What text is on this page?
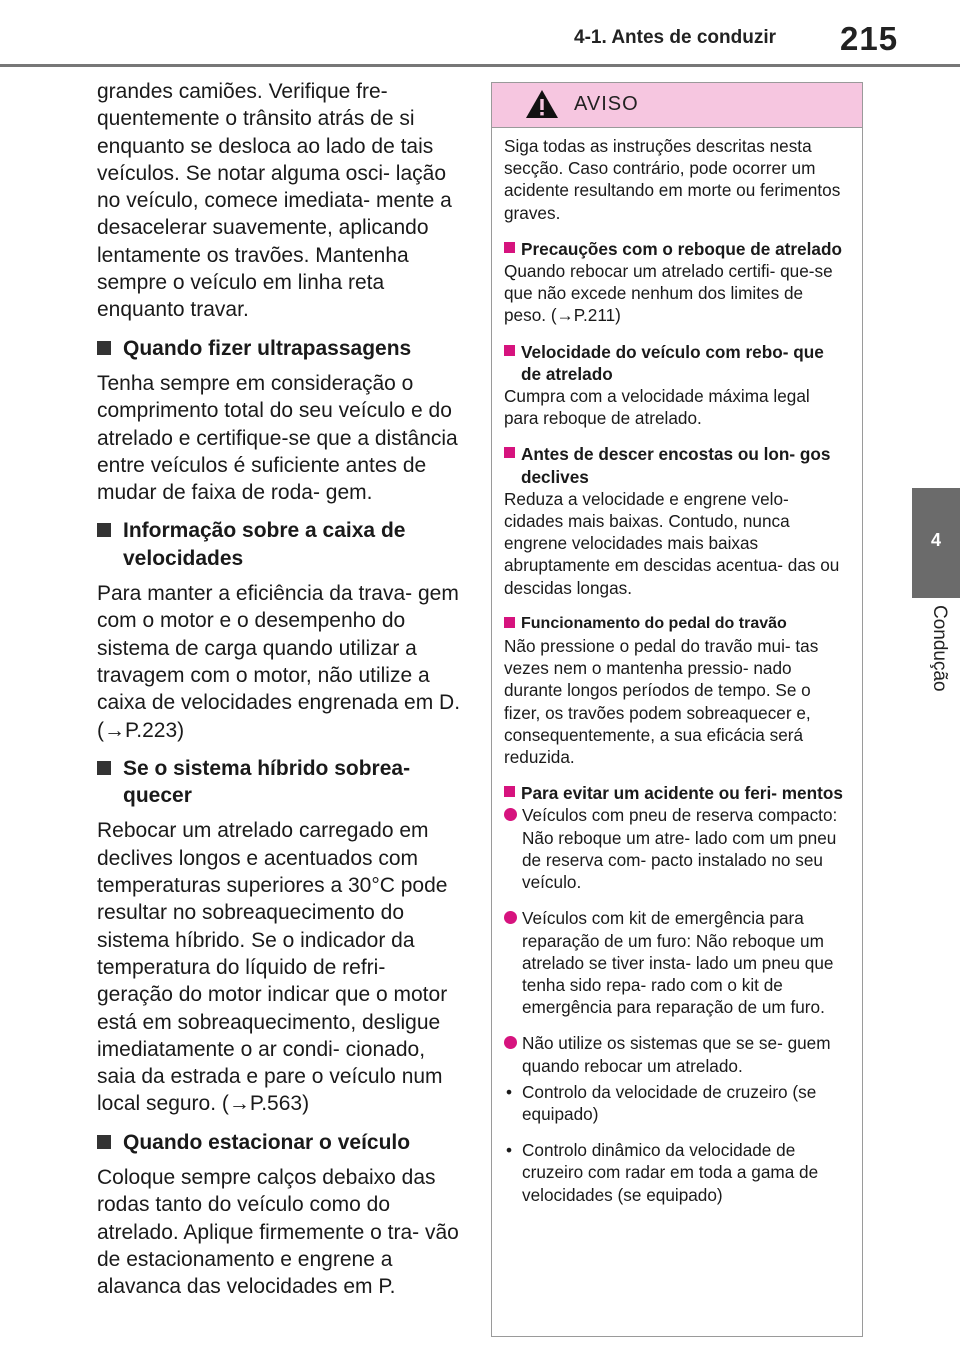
4-1. Antes de conduzir 215
4
Condução

grandes camiões. Verifique fre- quentemente o trânsito atrás de si enquanto se desloca ao lado de tais veículos. Se notar alguma osci- lação no veículo, comece imediata- mente a desacelerar suavemente, aplicando lentamente os travões. Mantenha sempre o veículo em linha reta enquanto travar.

Quando fizer ultrapassagens

Tenha sempre em consideração o comprimento total do seu veículo e do atrelado e certifique-se que a distância entre veículos é suficiente antes de mudar de faixa de roda- gem.

Informação sobre a caixa de velocidades

Para manter a eficiência da trava- gem com o motor e o desempenho do sistema de carga quando utilizar a travagem com o motor, não utilize a caixa de velocidades engrenada em D. (→P.223)

Se o sistema híbrido sobrea- quecer

Rebocar um atrelado carregado em declives longos e acentuados com temperaturas superiores a 30°C pode resultar no sobreaquecimento do sistema híbrido. Se o indicador da temperatura do líquido de refri- geração do motor indicar que o motor está em sobreaquecimento, desligue imediatamente o ar condi- cionado, saia da estrada e pare o veículo num local seguro. (→P.563)

Quando estacionar o veículo

Coloque sempre calços debaixo das rodas tanto do veículo como do atrelado. Aplique firmemente o tra- vão de estacionamento e engrene a alavanca das velocidades em P.

AVISO

Siga todas as instruções descritas nesta secção. Caso contrário, pode ocorrer um acidente resultando em morte ou ferimentos graves.

Precauções com o reboque de atrelado

Quando rebocar um atrelado certifi- que-se que não excede nenhum dos limites de peso. (→P.211)

Velocidade do veículo com rebo- que de atrelado

Cumpra com a velocidade máxima legal para reboque de atrelado.

Antes de descer encostas ou lon- gos declives

Reduza a velocidade e engrene velo- cidades mais baixas. Contudo, nunca engrene velocidades mais baixas abruptamente em descidas acentua- das ou descidas longas.

Funcionamento do pedal do travão

Não pressione o pedal do travão mui- tas vezes nem o mantenha pressio- nado durante longos períodos de tempo. Se o fizer, os travões podem sobreaquecer e, consequentemente, a sua eficácia será reduzida.

Para evitar um acidente ou feri- mentos
Veículos com pneu de reserva compacto: Não reboque um atre- lado com um pneu de reserva com- pacto instalado no seu veículo.
Veículos com kit de emergência para reparação de um furo: Não reboque um atrelado se tiver insta- lado um pneu que tenha sido repa- rado com o kit de emergência para reparação de um furo.
Não utilize os sistemas que se se- guem quando rebocar um atrelado.
• Controlo da velocidade de cruzeiro (se equipado)
• Controlo dinâmico da velocidade de cruzeiro com radar em toda a gama de velocidades (se equipado)
